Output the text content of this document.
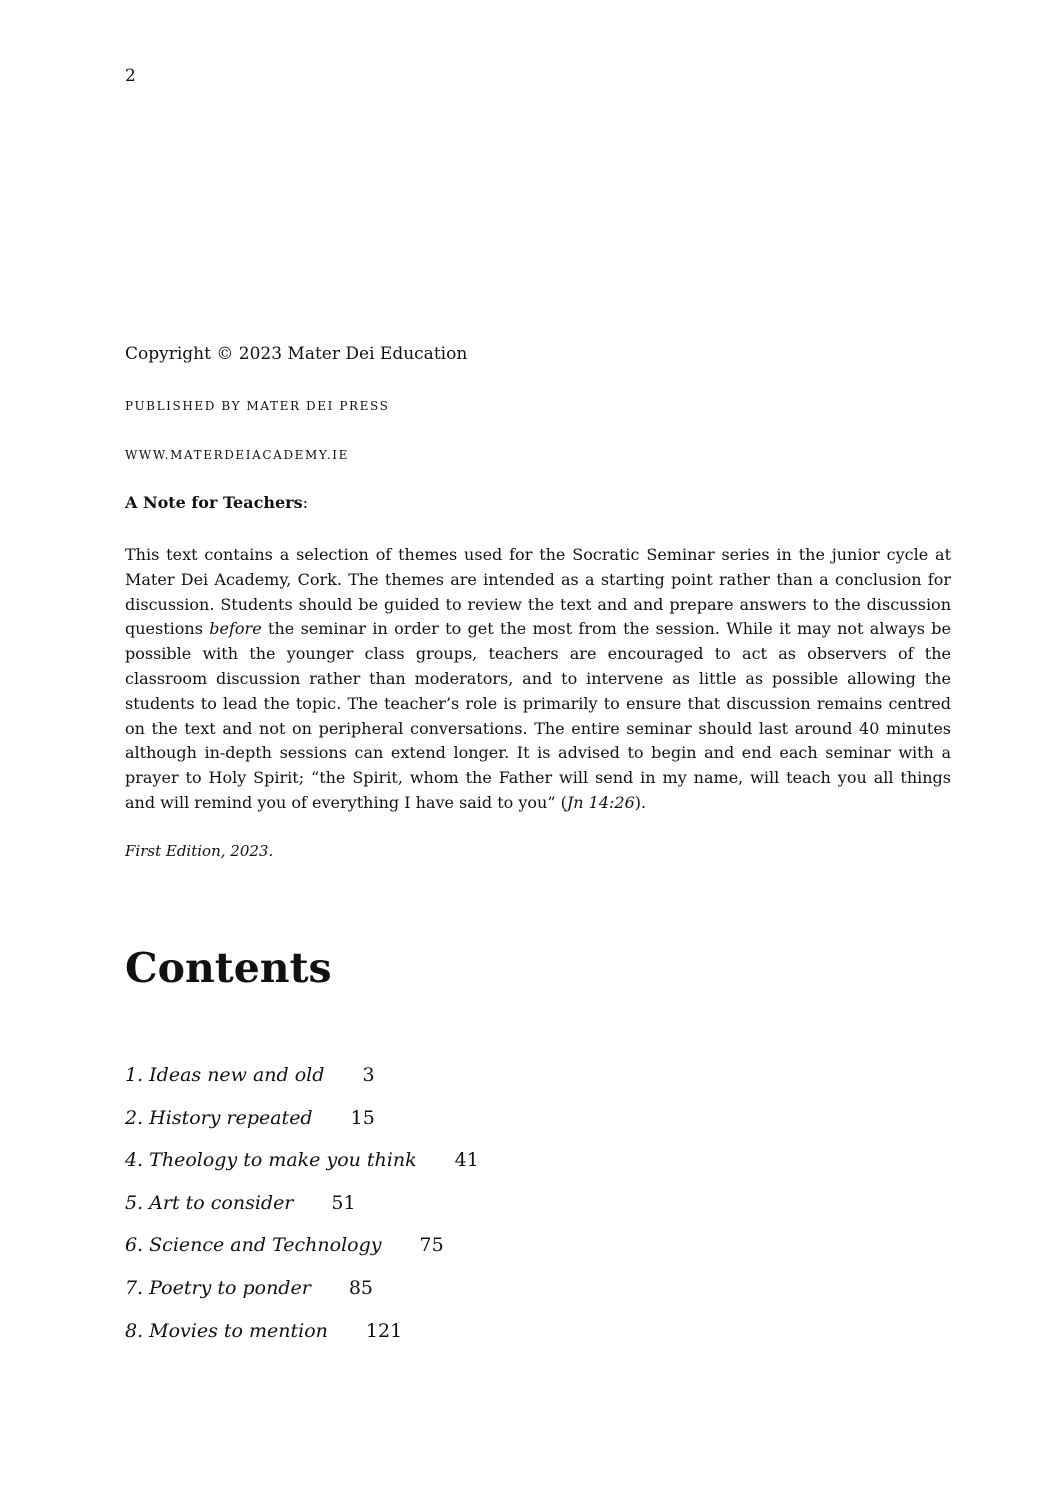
2
Copyright © 2023 Mater Dei Education
PUBLISHED BY MATER DEI PRESS
WWW.MATERDEIACADEMY.IE
A Note for Teachers:
This text contains a selection of themes used for the Socratic Seminar series in the junior cycle at Mater Dei Academy, Cork. The themes are intended as a starting point rather than a conclusion for discussion. Students should be guided to review the text and and prepare answers to the discussion questions before the seminar in order to get the most from the session. While it may not always be possible with the younger class groups, teachers are encouraged to act as observers of the classroom discussion rather than moderators, and to intervene as little as possible allowing the students to lead the topic. The teacher’s role is primarily to ensure that discussion remains centred on the text and not on peripheral conversations. The entire seminar should last around 40 minutes although in-depth sessions can extend longer. It is advised to begin and end each seminar with a prayer to Holy Spirit; “the Spirit, whom the Father will send in my name, will teach you all things and will remind you of everything I have said to you” (Jn 14:26).
First Edition, 2023.
Contents
1. Ideas new and old 3
2. History repeated 15
4. Theology to make you think 41
5. Art to consider 51
6. Science and Technology 75
7. Poetry to ponder 85
8. Movies to mention 121
